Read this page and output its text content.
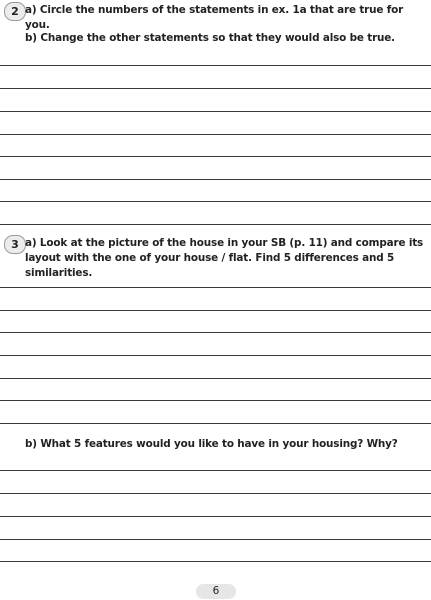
2 a) Circle the numbers of the statements in ex. 1a that are true for you.
b) Change the other statements so that they would also be true.
3 a) Look at the picture of the house in your SB (p. 11) and compare its layout with the one of your house / flat. Find 5 differences and 5 similarities.
b) What 5 features would you like to have in your housing? Why?
6
